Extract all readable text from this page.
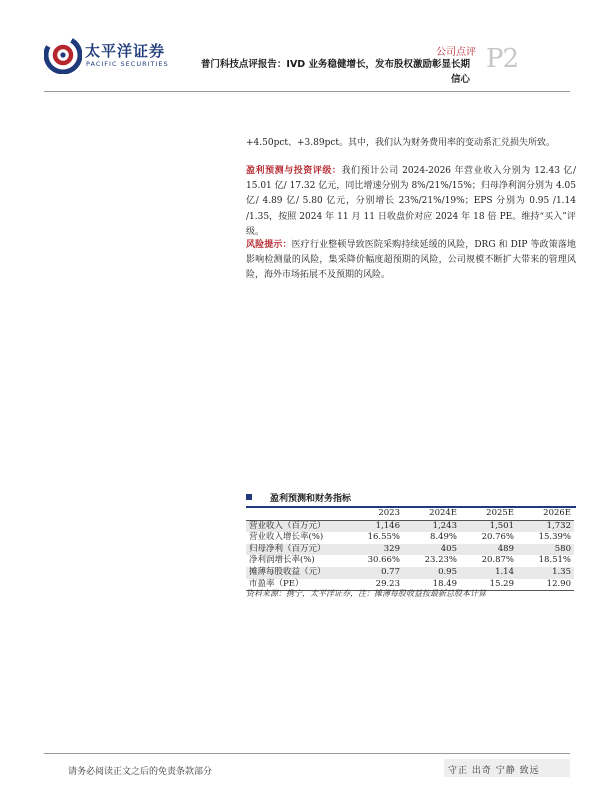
太平洋证券
PACIFIC SECURITIES
公司点评
普门科技点评报告：IVD 业务稳健增长，发布股权激励彰显长期
信心
P2
+4.50pct、+3.89pct。其中，我们认为财务费用率的变动系汇兑损失所致。
盈利预测与投资评级：我们预计公司 2024-2026 年营业收入分别为 12.43 亿/ 15.01 亿/ 17.32 亿元，同比增速分别为 8%/21%/15%；归母净利润分别为 4.05 亿/ 4.89 亿/ 5.80 亿元，分别增长 23%/21%/19%；EPS 分别为 0.95 /1.14 /1.35，按照 2024 年 11 月 11 日收盘价对应 2024 年 18 倍 PE。维持“买入”评级。
风险提示：医疗行业整顿导致医院采购持续延缓的风险，DRG 和 DIP 等政策落地影响检测量的风险，集采降价幅度超预期的风险，公司规模不断扩大带来的管理风险，海外市场拓展不及预期的风险。
盈利预测和财务指标
	2023	2024E	2025E	2026E
营业收入（百万元）	1,146	1,243	1,501	1,732
营业收入增长率(%)	16.55%	8.49%	20.76%	15.39%
归母净利（百万元）	329	405	489	580
净利润增长率(%)	30.66%	23.23%	20.87%	18.51%
摊薄每股收益（元）	0.77	0.95	1.14	1.35
市盈率（PE）	29.23	18.49	15.29	12.90
资料来源：携宁，太平洋证券，注：摊薄每股收益按最新总股本计算
请务必阅读正文之后的免责条款部分	守正 出奇 宁静 致远
